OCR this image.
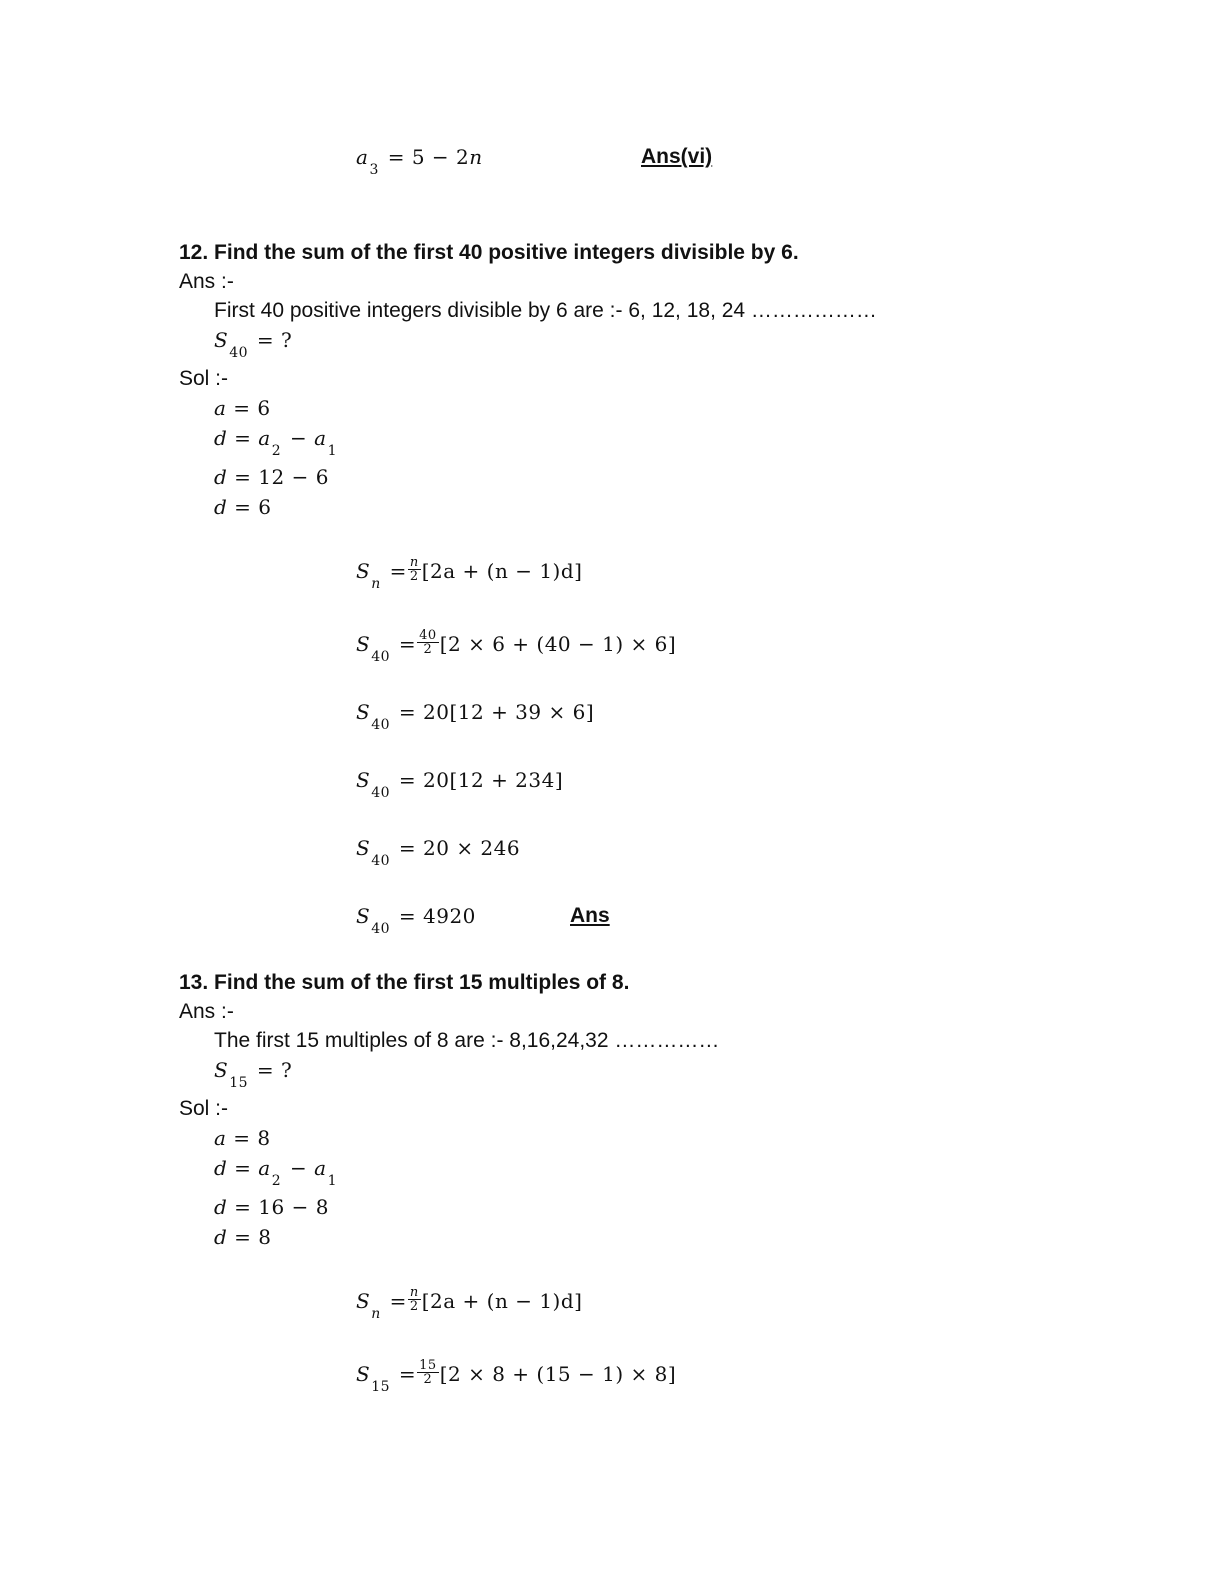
$a_3 = 5 - 2n$	Ans(vi)
12. Find the sum of the first 40 positive integers divisible by 6.
Ans :-
First 40 positive integers divisible by 6 are :- 6, 12, 18, 24 ………………
$S_{40}$ = ?
Sol :-
a = 6
$d = a_2 - a_1$
d = 12 − 6
d = 6
$S_n = \frac{n}{2} [2a + (n - 1)d]$
$S_{40} = \frac{40}{2} [2 \times 6 + (40 - 1) \times 6]$
$S_{40} = 20[12 + 39 \times 6]$
$S_{40} = 20[12 + 234]$
$S_{40} = 20 \times 246$
$S_{40} = 4920$	Ans
13. Find the sum of the first 15 multiples of 8.
Ans :-
The first 15 multiples of 8 are :- 8,16,24,32 ……………
$S_{15}$ = ?
Sol :-
a = 8
$d = a_2 - a_1$
d = 16 − 8
d = 8
$S_n = \frac{n}{2} [2a + (n - 1)d]$
$S_{15} = \frac{15}{2} [2 \times 8 + (15 - 1) \times 8]$
